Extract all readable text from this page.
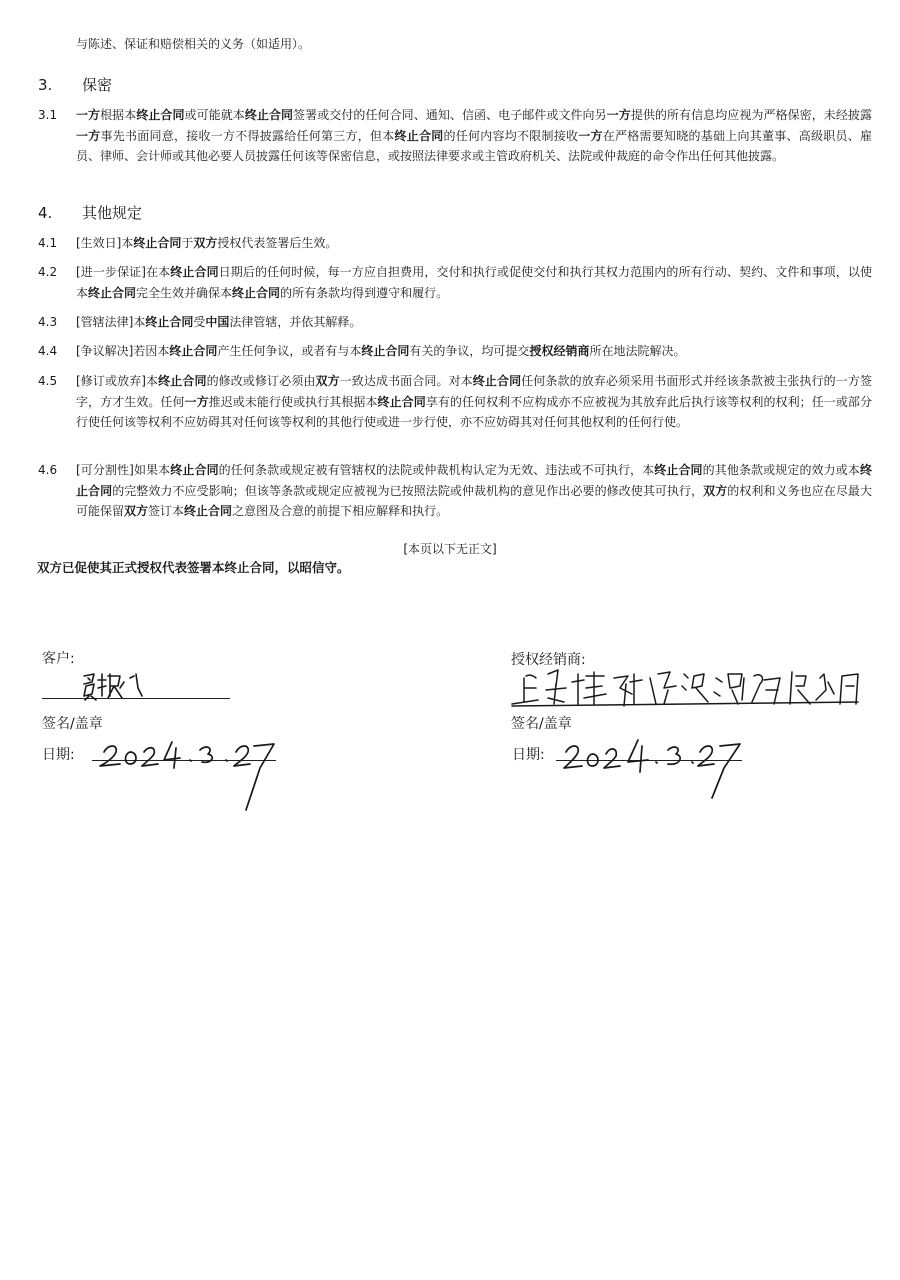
与陈述、保证和赔偿相关的义务（如适用）。
3. 保密
3.1	一方根据本终止合同或可能就本终止合同签署或交付的任何合同、通知、信函、电子邮件或文件向另一方提供的所有信息均应视为严格保密，未经披露一方事先书面同意，接收一方不得披露给任何第三方，但本终止合同的任何内容均不限制接收一方在严格需要知晓的基础上向其董事、高级职员、雇员、律师、会计师或其他必要人员披露任何该等保密信息，或按照法律要求或主管政府机关、法院或仲裁庭的命令作出任何其他披露。
4. 其他规定
4.1	[生效日]本终止合同于双方授权代表签署后生效。
4.2	[进一步保证]在本终止合同日期后的任何时候，每一方应自担费用，交付和执行或促使交付和执行其权力范围内的所有行动、契约、文件和事项，以使本终止合同完全生效并确保本终止合同的所有条款均得到遵守和履行。
4.3	[管辖法律]本终止合同受中国法律管辖，并依其解释。
4.4	[争议解决]若因本终止合同产生任何争议，或者有与本终止合同有关的争议，均可提交授权经销商所在地法院解决。
4.5	[修订或放弃]本终止合同的修改或修订必须由双方一致达成书面合同。对本终止合同任何条款的放弃必须采用书面形式并经该条款被主张执行的一方签字，方才生效。任何一方推迟或未能行使或执行其根据本终止合同享有的任何权利不应构成亦不应被视为其放弃此后执行该等权利的权利；任一或部分行使任何该等权利不应妨碍其对任何该等权利的其他行使或进一步行使，亦不应妨碍其对任何其他权利的任何行使。
4.6	[可分割性]如果本终止合同的任何条款或规定被有管辖权的法院或仲裁机构认定为无效、违法或不可执行，本终止合同的其他条款或规定的效力或本终止合同的完整效力不应受影响；但该等条款或规定应被视为已按照法院或仲裁机构的意见作出必要的修改使其可执行，双方的权利和义务也应在尽最大可能保留双方签订本终止合同之意图及合意的前提下相应解释和执行。
[本页以下无正文]
双方已促使其正式授权代表签署本终止合同，以昭信守。
客户:
签名/盖章
日期:
授权经销商:
签名/盖章
日期:
